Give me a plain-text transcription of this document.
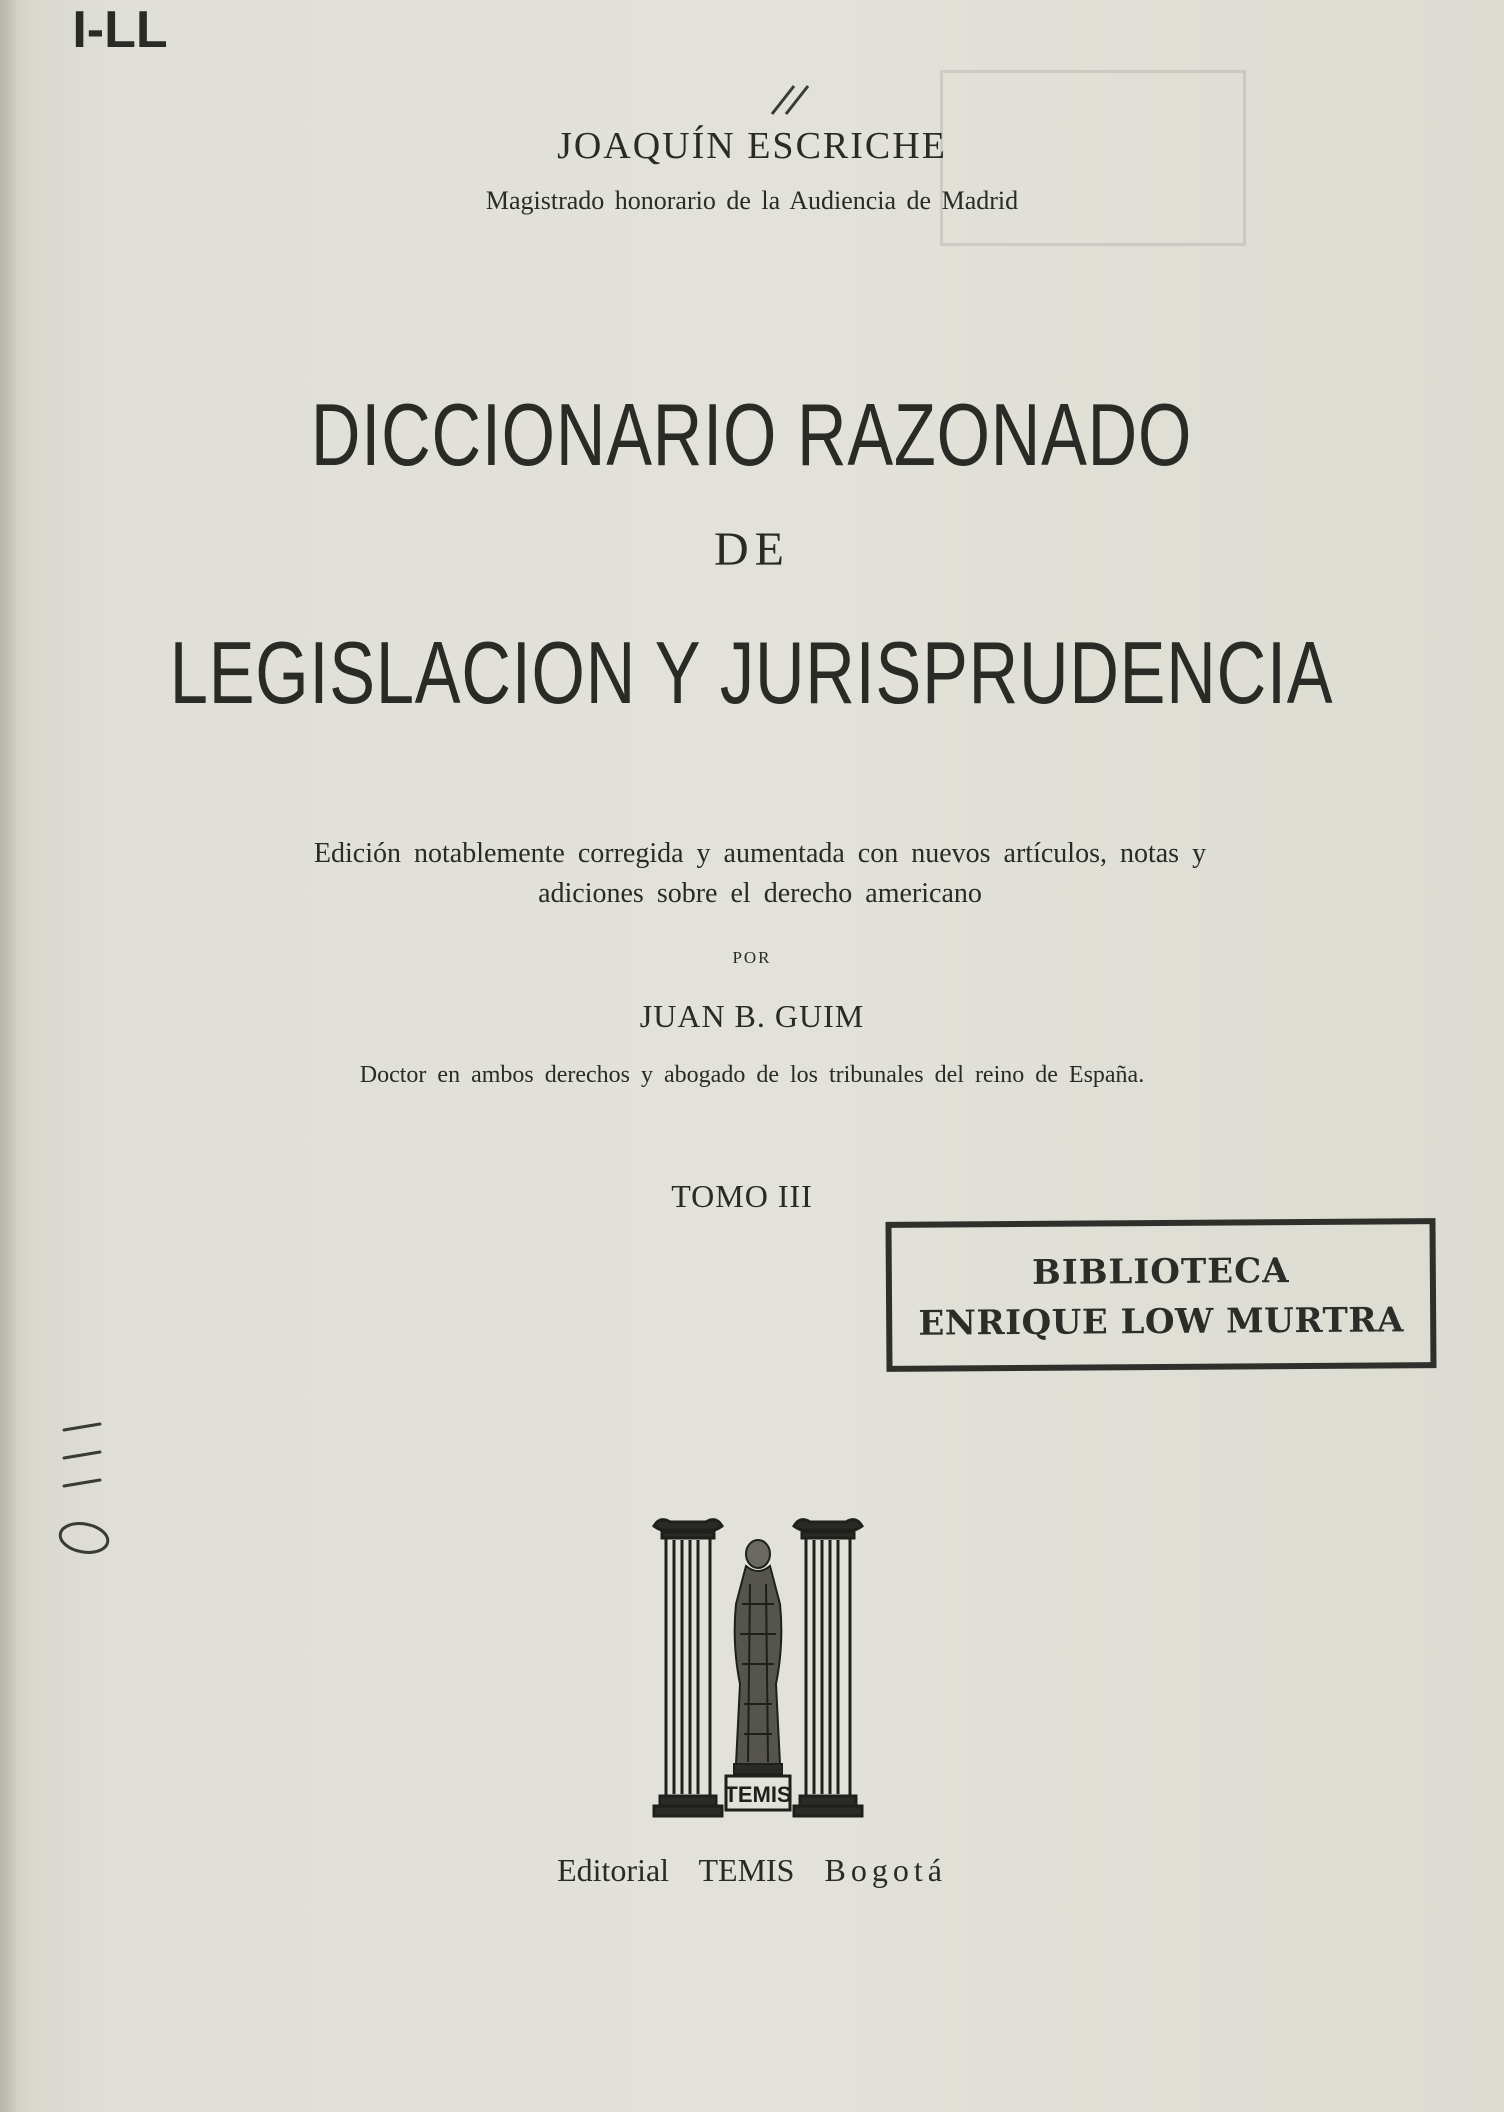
JOAQUÍN ESCRICHE
Magistrado honorario de la Audiencia de Madrid
DICCIONARIO RAZONADO
DE
LEGISLACION Y JURISPRUDENCIA
Edición notablemente corregida y aumentada con nuevos artículos, notas y
adiciones sobre el derecho americano
POR
JUAN B. GUIM
Doctor en ambos derechos y abogado de los tribunales del reino de España.
TOMO III
I-LL
BIBLIOTECA
ENRIQUE LOW MURTRA
TEMIS
Editorial TEMIS Bogotá
